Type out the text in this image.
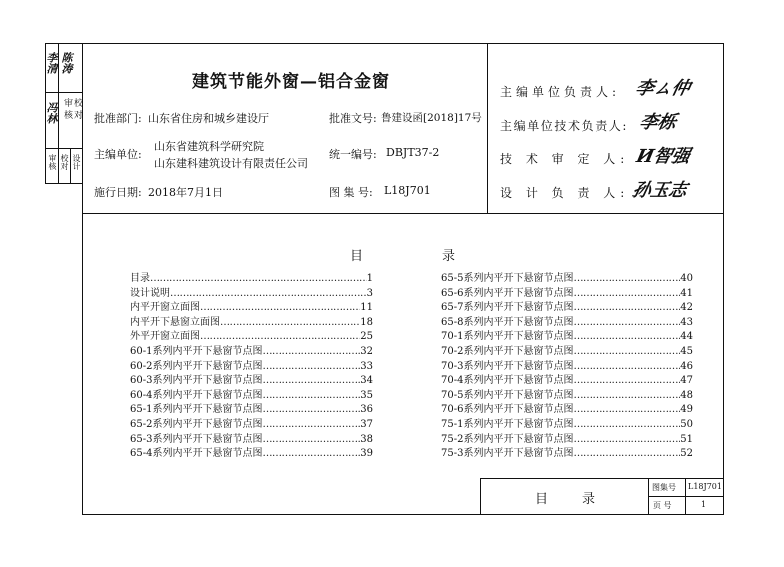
李清 陈涛
冯林 审 核 校 对
审核 校对 设计
建筑节能外窗—铝合金窗
批准部门: 山东省住房和城乡建设厅	批准文号: 鲁建设函[2018]17号
主编单位:
山东省建筑科学研究院
山东建科建筑设计有限责任公司
统一编号: DBJT37-2
施行日期: 2018年7月1日	图 集 号: L18J701
主编单位负责人: 李ㄙ仲
主编单位技术负责人: 李栎
技 术 审 定 人: И智强
设 计 负 责 人: 孙玉志
目	录
目录 ……………………………………………………………………………………	1
设计说明 ……………………………………………………………………………………	3
内平开窗立面图 ……………………………………………………………………………………	11
内平开下悬窗立面图 ……………………………………………………………………………………	18
外平开窗立面图 ……………………………………………………………………………………	25
60-1系列内平开下悬窗节点图 ……………………………………………………………………………………	32
60-2系列内平开下悬窗节点图 ……………………………………………………………………………………	33
60-3系列内平开下悬窗节点图 ……………………………………………………………………………………	34
60-4系列内平开下悬窗节点图 ……………………………………………………………………………………	35
65-1系列内平开下悬窗节点图 ……………………………………………………………………………………	36
65-2系列内平开下悬窗节点图 ……………………………………………………………………………………	37
65-3系列内平开下悬窗节点图 ……………………………………………………………………………………	38
65-4系列内平开下悬窗节点图 ……………………………………………………………………………………	39
65-5系列内平开下悬窗节点图 ……………………………………………………………………………………	40
65-6系列内平开下悬窗节点图 ……………………………………………………………………………………	41
65-7系列内平开下悬窗节点图 ……………………………………………………………………………………	42
65-8系列内平开下悬窗节点图 ……………………………………………………………………………………	43
70-1系列内平开下悬窗节点图 ……………………………………………………………………………………	44
70-2系列内平开下悬窗节点图 ……………………………………………………………………………………	45
70-3系列内平开下悬窗节点图 ……………………………………………………………………………………	46
70-4系列内平开下悬窗节点图 ……………………………………………………………………………………	47
70-5系列内平开下悬窗节点图 ……………………………………………………………………………………	48
70-6系列内平开下悬窗节点图 ……………………………………………………………………………………	49
75-1系列内平开下悬窗节点图 ……………………………………………………………………………………	50
75-2系列内平开下悬窗节点图 ……………………………………………………………………………………	51
75-3系列内平开下悬窗节点图 ……………………………………………………………………………………	52
目	录
图集号 L18J701
页 号	1
